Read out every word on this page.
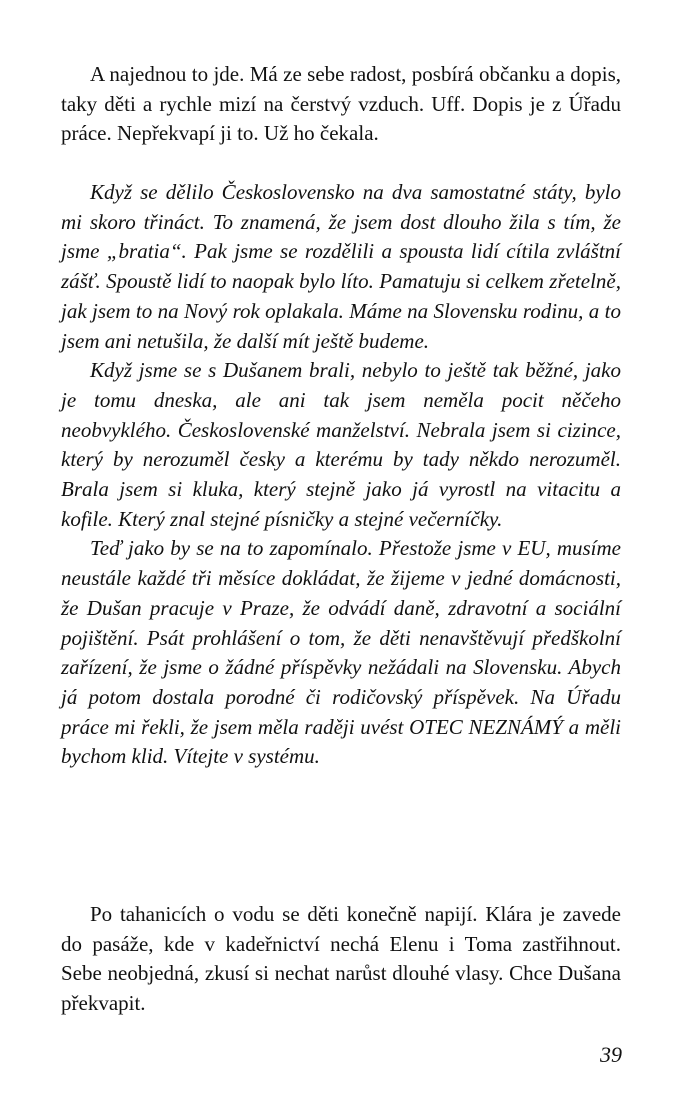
A najednou to jde. Má ze sebe radost, posbírá občanku a dopis, taky děti a rychle mizí na čerstvý vzduch. Uff. Dopis je z Úřadu práce. Nepřekvapí ji to. Už ho čekala.

Když se dělilo Československo na dva samostatné státy, bylo mi skoro třináct. To znamená, že jsem dost dlouho žila s tím, že jsme „bratia“. Pak jsme se rozdělili a spousta lidí cítila zvláštní zášť. Spoustě lidí to naopak bylo líto. Pamatuju si celkem zřetelně, jak jsem to na Nový rok oplakala. Máme na Slovensku rodinu, a to jsem ani netušila, že další mít ještě budeme.

Když jsme se s Dušanem brali, nebylo to ještě tak běžné, jako je tomu dneska, ale ani tak jsem neměla pocit něčeho neobvyklého. Československé manželství. Nebrala jsem si cizince, který by nerozuměl česky a kterému by tady někdo nerozuměl. Brala jsem si kluka, který stejně jako já vyrostl na vitacitu a kofile. Který znal stejné písničky a stejné večerníčky.

Teď jako by se na to zapomínalo. Přestože jsme v EU, musíme neustále každé tři měsíce dokládat, že žijeme v jedné domácnosti, že Dušan pracuje v Praze, že odvádí daně, zdravotní a sociální pojištění. Psát prohlášení o tom, že děti nenavštěvují předškolní zařízení, že jsme o žádné příspěvky nežádali na Slovensku. Abych já potom dostala porodné či rodičovský příspěvek. Na Úřadu práce mi řekli, že jsem měla raději uvést OTEC NEZNÁMÝ a měli bychom klid. Vítejte v systému.

Po tahanicích o vodu se děti konečně napijí. Klára je zavede do pasáže, kde v kadeřnictví nechá Elenu i Toma zastřihnout. Sebe neobjedná, zkusí si nechat narůst dlouhé vlasy. Chce Dušana překvapit.

39
